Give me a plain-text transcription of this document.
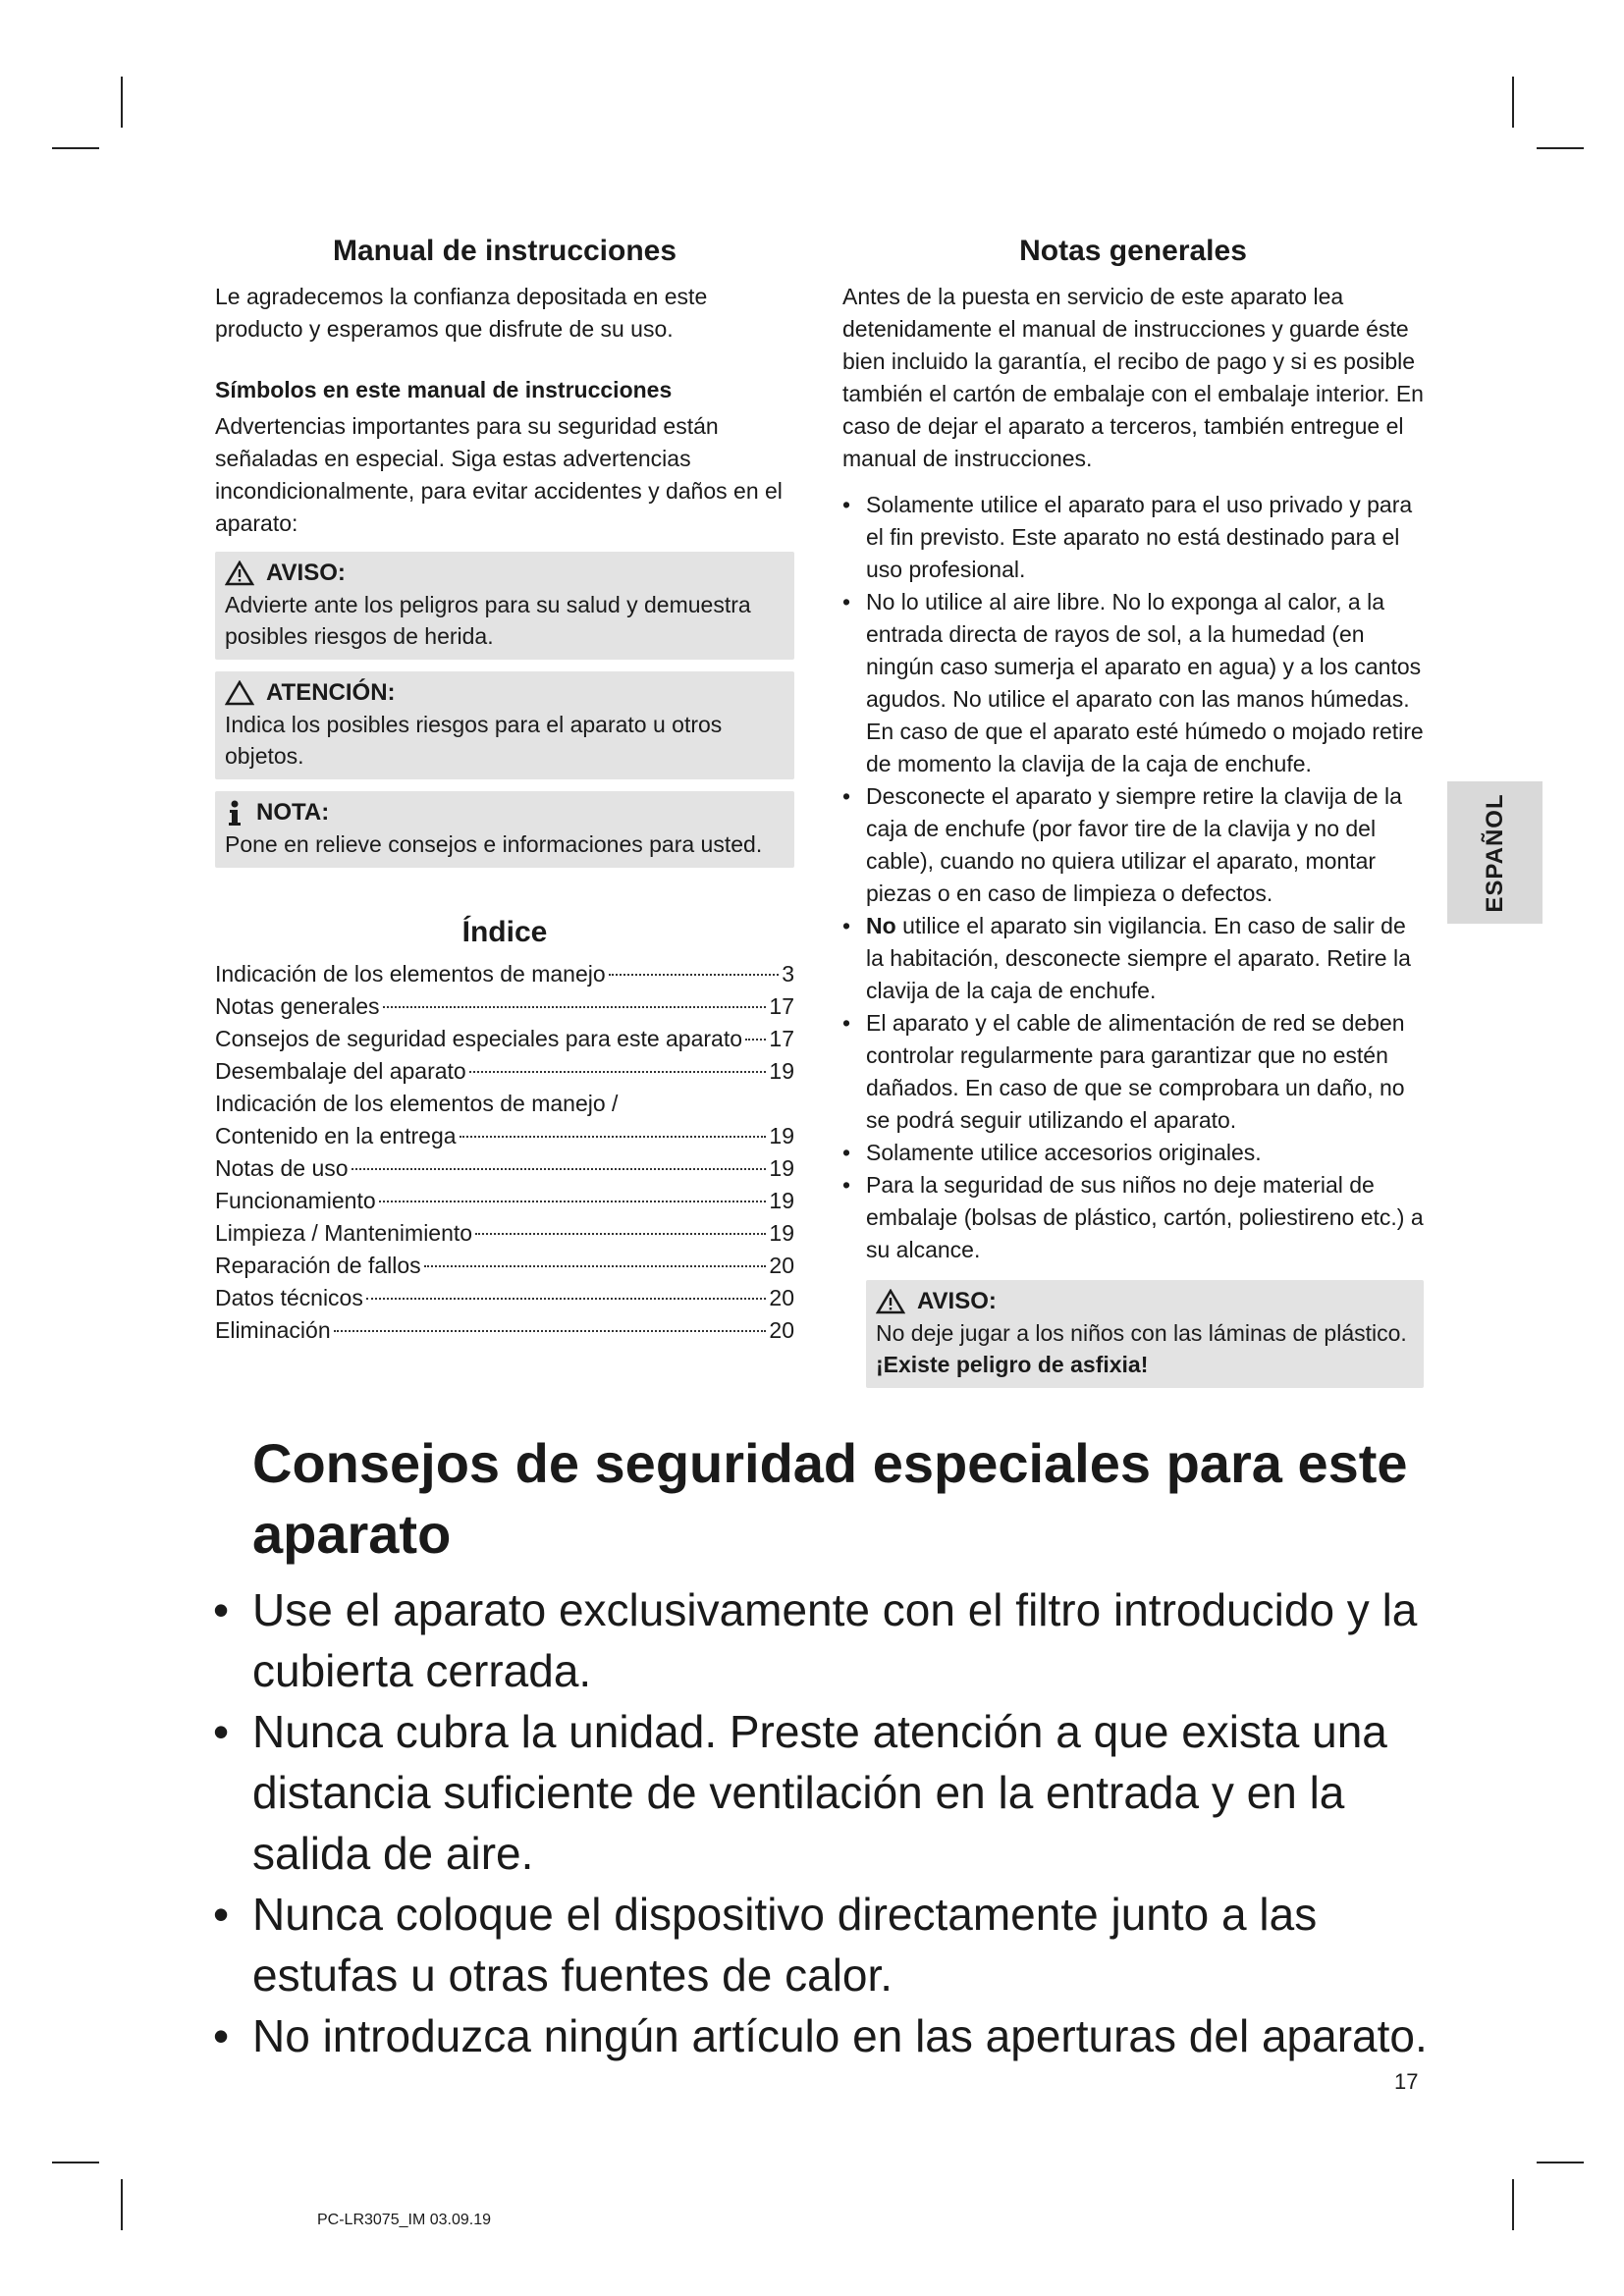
Manual de instrucciones

Le agradecemos la confianza depositada en este producto y esperamos que disfrute de su uso.

Símbolos en este manual de instrucciones

Advertencias importantes para su seguridad están señaladas en especial. Siga estas advertencias incondicionalmente, para evitar accidentes y daños en el aparato:

AVISO:
Advierte ante los peligros para su salud y demuestra posibles riesgos de herida.
ATENCIÓN:
Indica los posibles riesgos para el aparato u otros objetos.
NOTA:
Pone en relieve consejos e informaciones para usted.
Índice
Indicación de los elementos de manejo	3
Notas generales	17
Consejos de seguridad especiales para este aparato 17
Desembalaje del aparato	19
Indicación de los elementos de manejo /
Contenido en la entrega	19
Notas de uso	19
Funcionamiento	19
Limpieza / Mantenimiento	19
Reparación de fallos	20
Datos técnicos	20
Eliminación	20
Notas generales

Antes de la puesta en servicio de este aparato lea detenidamente el manual de instrucciones y guarde éste bien incluido la garantía, el recibo de pago y si es posible también el cartón de embalaje con el embalaje interior. En caso de dejar el aparato a terceros, también entregue el manual de instrucciones.

• Solamente utilice el aparato para el uso privado y para el fin previsto. Este aparato no está destinado para el uso profesional.
• No lo utilice al aire libre. No lo exponga al calor, a la entrada directa de rayos de sol, a la humedad (en ningún caso sumerja el aparato en agua) y a los cantos agudos. No utilice el aparato con las manos húmedas. En caso de que el aparato esté húmedo o mojado retire de momento la clavija de la caja de enchufe.
• Desconecte el aparato y siempre retire la clavija de la caja de enchufe (por favor tire de la clavija y no del cable), cuando no quiera utilizar el aparato, montar piezas o en caso de limpieza o defectos.
• No utilice el aparato sin vigilancia. En caso de salir de la habitación, desconecte siempre el aparato. Retire la clavija de la caja de enchufe.
• El aparato y el cable de alimentación de red se deben controlar regularmente para garantizar que no estén dañados. En caso de que se comprobara un daño, no se podrá seguir utilizando el aparato.
• Solamente utilice accesorios originales.
• Para la seguridad de sus niños no deje material de embalaje (bolsas de plástico, cartón, poliestireno etc.) a su alcance.
AVISO:
No deje jugar a los niños con las láminas de plástico.
¡Existe peligro de asfixia!
ESPAÑOL
Consejos de seguridad especiales para este aparato
• Use el aparato exclusivamente con el filtro introducido y la cubierta cerrada.
• Nunca cubra la unidad. Preste atención a que exista una distancia suficiente de ventilación en la entrada y en la salida de aire.
• Nunca coloque el dispositivo directamente junto a las estufas u otras fuentes de calor.
• No introduzca ningún artículo en las aperturas del aparato.
17
PC-LR3075_IM 03.09.19
